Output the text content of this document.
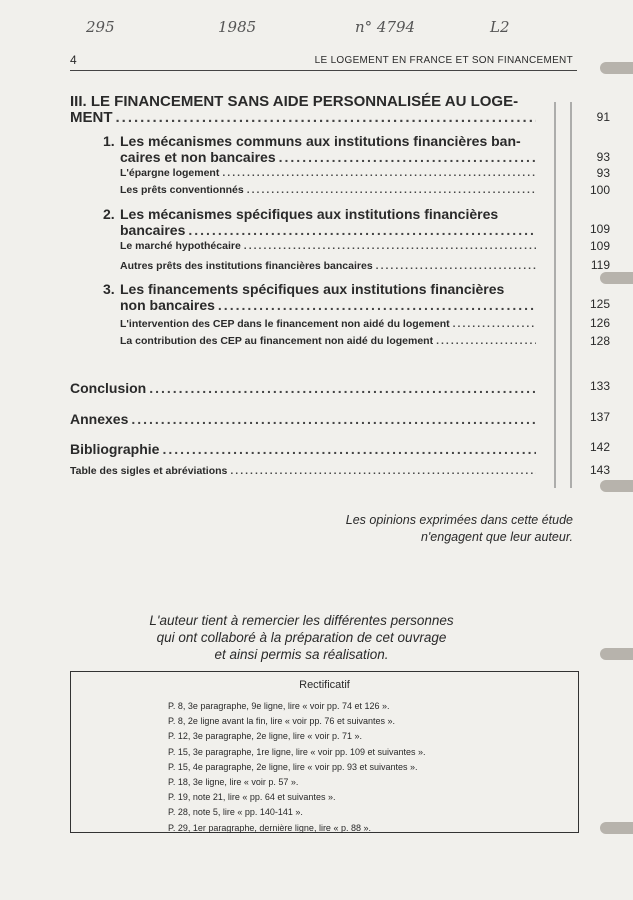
295	1985	n° 4794	L2
4	LE LOGEMENT EN FRANCE ET SON FINANCEMENT
III. LE FINANCEMENT SANS AIDE PERSONNALISÉE AU LOGE-
MENT .....	91
1. Les mécanismes communs aux institutions financières ban-
caires et non bancaires .....	93
L'épargne logement .....	93
Les prêts conventionnés .....	100
2. Les mécanismes spécifiques aux institutions financières
bancaires .....	109
Le marché hypothécaire .....	109
Autres prêts des institutions financières bancaires .....	119
3. Les financements spécifiques aux institutions financières
non bancaires .....	125
L'intervention des CEP dans le financement non aidé du logement .....	126
La contribution des CEP au financement non aidé du logement .....	128
Conclusion .....	133
Annexes .....	137
Bibliographie .....	142
Table des sigles et abréviations .....	143
Les opinions exprimées dans cette étude
n'engagent que leur auteur.
L'auteur tient à remercier les différentes personnes
qui ont collaboré à la préparation de cet ouvrage
et ainsi permis sa réalisation.
Rectificatif
P. 8, 3e paragraphe, 9e ligne, lire « voir pp. 74 et 126 ».
P. 8, 2e ligne avant la fin, lire « voir pp. 76 et suivantes ».
P. 12, 3e paragraphe, 2e ligne, lire « voir p. 71 ».
P. 15, 3e paragraphe, 1re ligne, lire « voir pp. 109 et suivantes ».
P. 15, 4e paragraphe, 2e ligne, lire « voir pp. 93 et suivantes ».
P. 18, 3e ligne, lire « voir p. 57 ».
P. 19, note 21, lire « pp. 64 et suivantes ».
P. 28, note 5, lire « pp. 140-141 ».
P. 29, 1er paragraphe, dernière ligne, lire « p. 88 ».
